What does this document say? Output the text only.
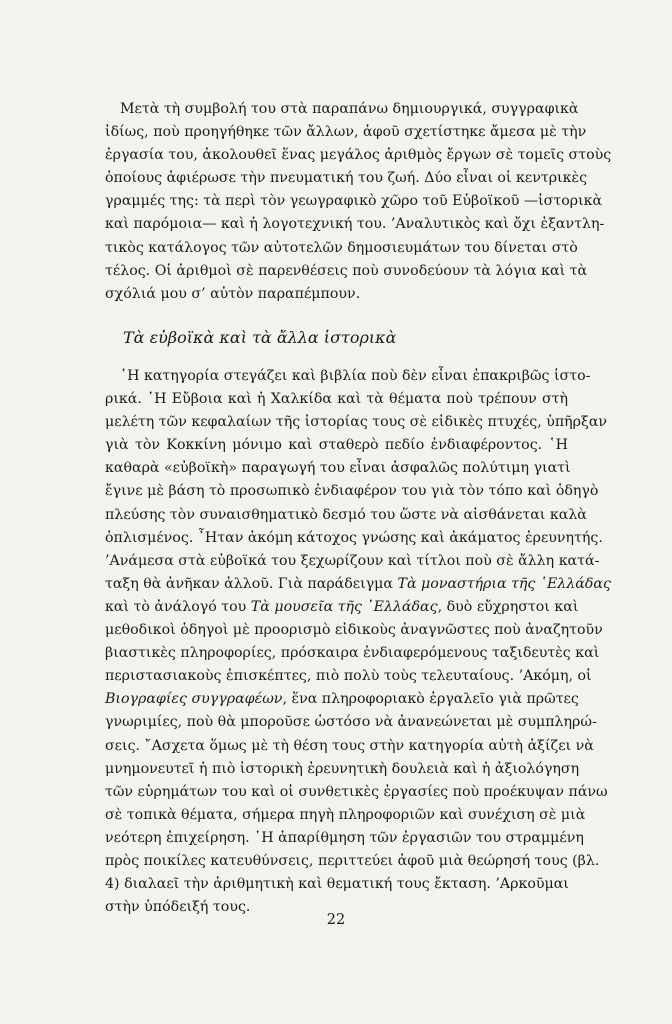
Μετὰ τὴ συμβολή του στὰ παραπάνω δημιουργικά, συγγραφικὰ
ἰδίως, ποὺ προηγήθηκε τῶν ἄλλων, ἀφοῦ σχετίστηκε ἄμεσα μὲ τὴν
ἐργασία του, ἀκολουθεῖ ἕνας μεγάλος ἀριθμὸς ἔργων σὲ τομεῖς στοὺς
ὁποίους ἀφιέρωσε τὴν πνευματική του ζωή. Δύο εἶναι οἱ κεντρικὲς
γραμμές της: τὰ περὶ τὸν γεωγραφικὸ χῶρο τοῦ Εὐβοϊκοῦ —ἱστορικὰ
καὶ παρόμοια— καὶ ἡ λογοτεχνική του. ’Αναλυτικὸς καὶ ὄχι ἐξαντλη-
τικὸς κατάλογος τῶν αὐτοτελῶν δημοσιευμάτων του δίνεται στὸ
τέλος. Οἱ ἀριθμοὶ σὲ παρενθέσεις ποὺ συνοδεύουν τὰ λόγια καὶ τὰ
σχόλιά μου σ’ αὐτὸν παραπέμπουν.

Τὰ εὐβοϊκὰ καὶ τὰ ἄλλα ἱστορικὰ

῾Η κατηγορία στεγάζει καὶ βιβλία ποὺ δὲν εἶναι ἐπακριβῶς ἱστο-
ρικά. ῾Η Εὔβοια καὶ ἡ Χαλκίδα καὶ τὰ θέματα ποὺ τρέπουν στὴ
μελέτη τῶν κεφαλαίων τῆς ἱστορίας τους σὲ εἰδικὲς πτυχές, ὑπῆρξαν
γιὰ τὸν Κοκκίνη μόνιμο καὶ σταθερὸ πεδίο ἐνδιαφέροντος. ῾Η
καθαρὰ «εὐβοϊκὴ» παραγωγή του εἶναι ἀσφαλῶς πολύτιμη γιατὶ
ἔγινε μὲ βάση τὸ προσωπικὸ ἐνδιαφέρον του γιὰ τὸν τόπο καὶ ὁδηγὸ
πλεύσης τὸν συναισθηματικὸ δεσμό του ὥστε νὰ αἰσθάνεται καλὰ
ὁπλισμένος. ῏Ηταν ἀκόμη κάτοχος γνώσης καὶ ἀκάματος ἐρευνητής.
’Ανάμεσα στὰ εὐβοϊκά του ξεχωρίζουν καὶ τίτλοι ποὺ σὲ ἄλλη κατά-
ταξη θὰ ἀνῆκαν ἀλλοῦ. Γιὰ παράδειγμα Τὰ μοναστήρια τῆς ῾Ελλάδας
καὶ τὸ ἀνάλογό του Τὰ μουσεῖα τῆς ῾Ελλάδας, δυὸ εὔχρηστοι καὶ
μεθοδικοὶ ὁδηγοὶ μὲ προορισμὸ εἰδικοὺς ἀναγνῶστες ποὺ ἀναζητοῦν
βιαστικὲς πληροφορίες, πρόσκαιρα ἐνδιαφερόμενους ταξιδευτὲς καὶ
περιστασιακοὺς ἐπισκέπτες, πιὸ πολὺ τοὺς τελευταίους. ’Ακόμη, οἱ
Βιογραφίες συγγραφέων, ἕνα πληροφοριακὸ ἐργαλεῖο γιὰ πρῶτες
γνωριμίες, ποὺ θὰ μποροῦσε ὡστόσο νὰ ἀνανεώνεται μὲ συμπληρώ-
σεις. ῎Ασχετα ὅμως μὲ τὴ θέση τους στὴν κατηγορία αὐτὴ ἀξίζει νὰ
μνημονευτεῖ ἡ πιὸ ἱστορικὴ ἐρευνητικὴ δουλειὰ καὶ ἡ ἀξιολόγηση
τῶν εὑρημάτων του καὶ οἱ συνθετικὲς ἐργασίες ποὺ προέκυψαν πάνω
σὲ τοπικὰ θέματα, σήμερα πηγὴ πληροφοριῶν καὶ συνέχιση σὲ μιὰ
νεότερη ἐπιχείρηση. ῾Η ἀπαρίθμηση τῶν ἐργασιῶν του στραμμένη
πρὸς ποικίλες κατευθύνσεις, περιττεύει ἀφοῦ μιὰ θεώρησή τους (βλ.
4) διαλαεῖ τὴν ἀριθμητικὴ καὶ θεματική τους ἔκταση. ’Αρκοῦμαι
στὴν ὑπόδειξή τους.

22
